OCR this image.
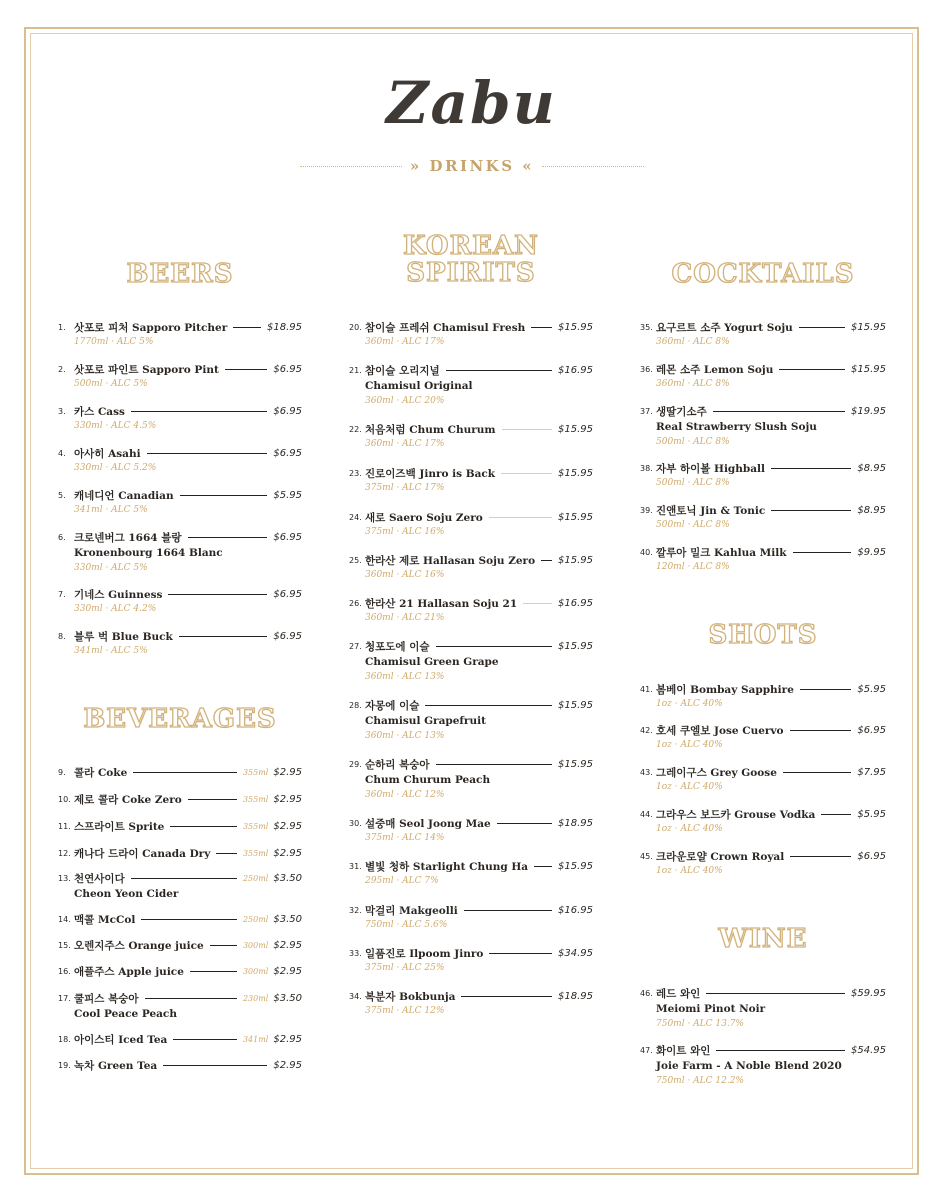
Zabu
» DRINKS «
BEERS
BEVERAGES
KOREAN
SPIRITS	COCKTAILS
SHOTS
WINE
1. 삿포로 피처 Sapporo Pitcher	$18.95
1770ml · ALC 5%
2. 삿포로 파인트 Sapporo Pint	$6.95
500ml · ALC 5%
3. 카스 Cass	$6.95
330ml · ALC 4.5%
4. 아사히 Asahi	$6.95
330ml · ALC 5.2%
5. 캐네디언 Canadian	$5.95
341ml · ALC 5%
6. 크로넨버그 1664 블랑	$6.95
Kronenbourg 1664 Blanc
330ml · ALC 5%
7. 기네스 Guinness	$6.95
330ml · ALC 4.2%
8. 블루 벅 Blue Buck	$6.95
341ml · ALC 5%
9. 콜라 Coke	355ml $2.95
10. 제로 콜라 Coke Zero	355ml $2.95
11. 스프라이트 Sprite	355ml $2.95
12. 캐나다 드라이 Canada Dry	355ml $2.95
13. 천연사이다	250ml $3.50
Cheon Yeon Cider
14. 맥콜 McCol	250ml $3.50
15. 오렌지주스 Orange juice	300ml $2.95
16. 애플주스 Apple juice	300ml $2.95
17. 쿨피스 복숭아	230ml $3.50
Cool Peace Peach
18. 아이스티 Iced Tea	341ml $2.95
19. 녹차 Green Tea	$2.95
20. 참이슬 프레쉬 Chamisul Fresh	$15.95
360ml · ALC 17%
21. 참이슬 오리지널	$16.95
Chamisul Original
360ml · ALC 20%
22. 처음처럼 Chum Churum	$15.95
360ml · ALC 17%
23. 진로이즈백 Jinro is Back	$15.95
375ml · ALC 17%
24. 새로 Saero Soju Zero	$15.95
375ml · ALC 16%
25. 한라산 제로 Hallasan Soju Zero $15.95
360ml · ALC 16%
26. 한라산 21 Hallasan Soju 21	$16.95
360ml · ALC 21%
27. 청포도에 이슬	$15.95
Chamisul Green Grape
360ml · ALC 13%
28. 자몽에 이슬	$15.95
Chamisul Grapefruit
360ml · ALC 13%
29. 순하리 복숭아	$15.95
Chum Churum Peach
360ml · ALC 12%
30. 설중매 Seol Joong Mae	$18.95
375ml · ALC 14%
31. 별빛 청하 Starlight Chung Ha	$15.95
295ml · ALC 7%
32. 막걸리 Makgeolli	$16.95
750ml · ALC 5.6%
33. 일품진로 Ilpoom Jinro	$34.95
375ml · ALC 25%
34. 복분자 Bokbunja	$18.95
375ml · ALC 12%
35. 요구르트 소주 Yogurt Soju	$15.95
360ml · ALC 8%
36. 레몬 소주 Lemon Soju	$15.95
360ml · ALC 8%
37. 생딸기소주	$19.95
Real Strawberry Slush Soju
500ml · ALC 8%
38. 자부 하이볼 Highball	$8.95
500ml · ALC 8%
39. 진앤토닉 Jin & Tonic	$8.95
500ml · ALC 8%
40. 깔루아 밀크 Kahlua Milk	$9.95
120ml · ALC 8%
41. 봄베이 Bombay Sapphire	$5.95
1oz · ALC 40%
42. 호세 쿠엘보 Jose Cuervo	$6.95
1oz · ALC 40%
43. 그레이구스 Grey Goose	$7.95
1oz · ALC 40%
44. 그라우스 보드카 Grouse Vodka	$5.95
1oz · ALC 40%
45. 크라운로얄 Crown Royal	$6.95
1oz · ALC 40%
46. 레드 와인	$59.95
Meiomi Pinot Noir
750ml · ALC 13.7%
47. 화이트 와인	$54.95
Joie Farm - A Noble Blend 2020
750ml · ALC 12.2%
